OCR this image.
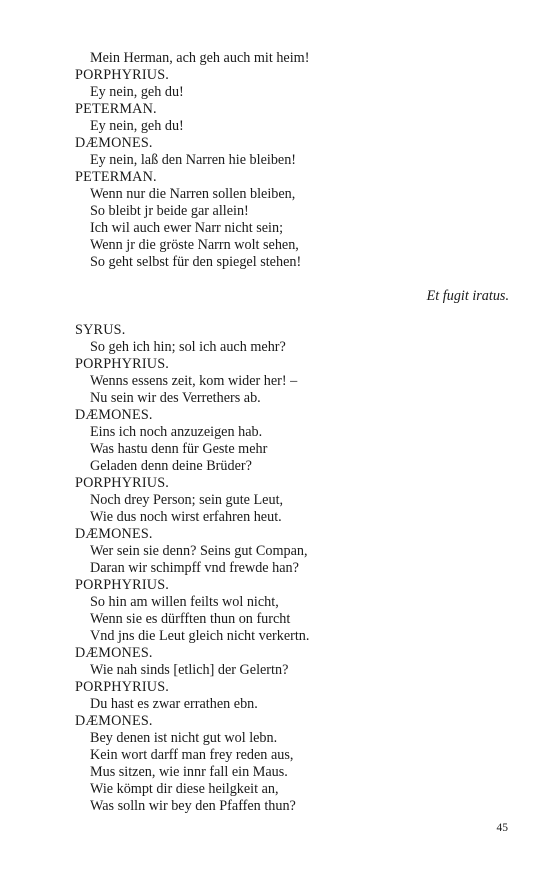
Mein Herman, ach geh auch mit heim!
PORPHYRIUS.
Ey nein, geh du!
PETERMAN.
Ey nein, geh du!
DÆMONES.
Ey nein, laß den Narren hie bleiben!
PETERMAN.
Wenn nur die Narren sollen bleiben,
So bleibt jr beide gar allein!
Ich wil auch ewer Narr nicht sein;
Wenn jr die gröste Narrn wolt sehen,
So geht selbst für den spiegel stehen!
Et fugit iratus.
SYRUS.
So geh ich hin; sol ich auch mehr?
PORPHYRIUS.
Wenns essens zeit, kom wider her! –
Nu sein wir des Verrethers ab.
DÆMONES.
Eins ich noch anzuzeigen hab.
Was hastu denn für Geste mehr
Geladen denn deine Brüder?
PORPHYRIUS.
Noch drey Person; sein gute Leut,
Wie dus noch wirst erfahren heut.
DÆMONES.
Wer sein sie denn? Seins gut Compan,
Daran wir schimpff vnd frewde han?
PORPHYRIUS.
So hin am willen feilts wol nicht,
Wenn sie es dürfften thun on furcht
Vnd jns die Leut gleich nicht verkertn.
DÆMONES.
Wie nah sinds [etlich] der Gelertn?
PORPHYRIUS.
Du hast es zwar errathen ebn.
DÆMONES.
Bey denen ist nicht gut wol lebn.
Kein wort darff man frey reden aus,
Mus sitzen, wie innr fall ein Maus.
Wie kömpt dir diese heilgkeit an,
Was solln wir bey den Pfaffen thun?
45
